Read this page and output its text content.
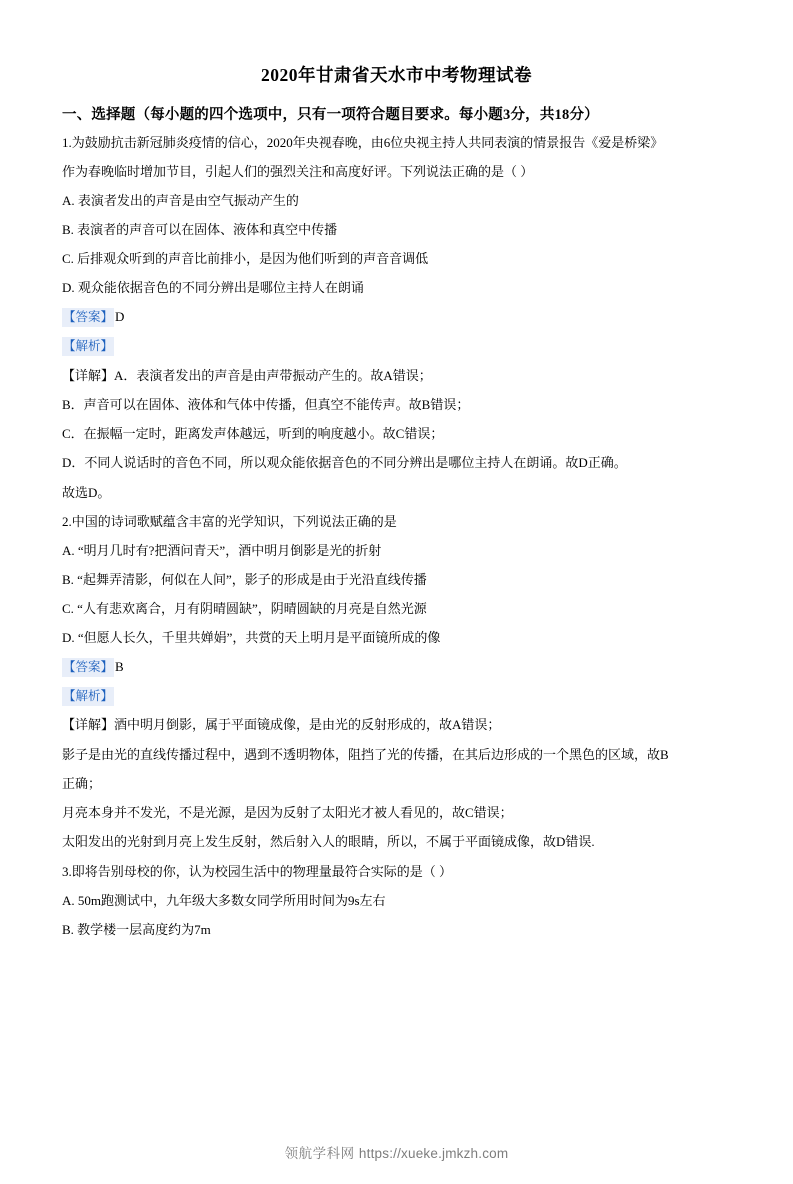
2020年甘肃省天水市中考物理试卷
一、选择题（每小题的四个选项中，只有一项符合题目要求。每小题3分，共18分）
1.为鼓励抗击新冠肺炎疫情的信心，2020年央视春晚，由6位央视主持人共同表演的情景报告《爱是桥梁》
作为春晚临时增加节目，引起人们的强烈关注和高度好评。下列说法正确的是（ ）
A. 表演者发出的声音是由空气振动产生的
B. 表演者的声音可以在固体、液体和真空中传播
C. 后排观众听到的声音比前排小，是因为他们听到的声音音调低
D. 观众能依据音色的不同分辨出是哪位主持人在朗诵
【答案】 D
【解析】
【详解】A．表演者发出的声音是由声带振动产生的。故A错误；
B．声音可以在固体、液体和气体中传播，但真空不能传声。故B错误；
C．在振幅一定时，距离发声体越远，听到的响度越小。故C错误；
D．不同人说话时的音色不同，所以观众能依据音色的不同分辨出是哪位主持人在朗诵。故D正确。
故选D。
2.中国的诗词歌赋蕴含丰富的光学知识，下列说法正确的是
A. “明月几时有?把酒问青天”，酒中明月倒影是光的折射
B. “起舞弄清影，何似在人间”，影子的形成是由于光沿直线传播
C. “人有悲欢离合，月有阴晴圆缺”，阴晴圆缺的月亮是自然光源
D. “但愿人长久，千里共婵娟”，共赏的天上明月是平面镜所成的像
【答案】 B
【解析】
【详解】酒中明月倒影，属于平面镜成像，是由光的反射形成的，故A错误；
影子是由光的直线传播过程中，遇到不透明物体，阻挡了光的传播，在其后边形成的一个黑色的区域，故B
正确；
月亮本身并不发光，不是光源，是因为反射了太阳光才被人看见的，故C错误；
太阳发出的光射到月亮上发生反射，然后射入人的眼睛，所以，不属于平面镜成像，故D错误.
3.即将告别母校的你，认为校园生活中的物理量最符合实际的是（ ）
A. 50m跑测试中，九年级大多数女同学所用时间为9s左右
B. 教学楼一层高度约为7m
领航学科网 https://xueke.jmkzh.com
